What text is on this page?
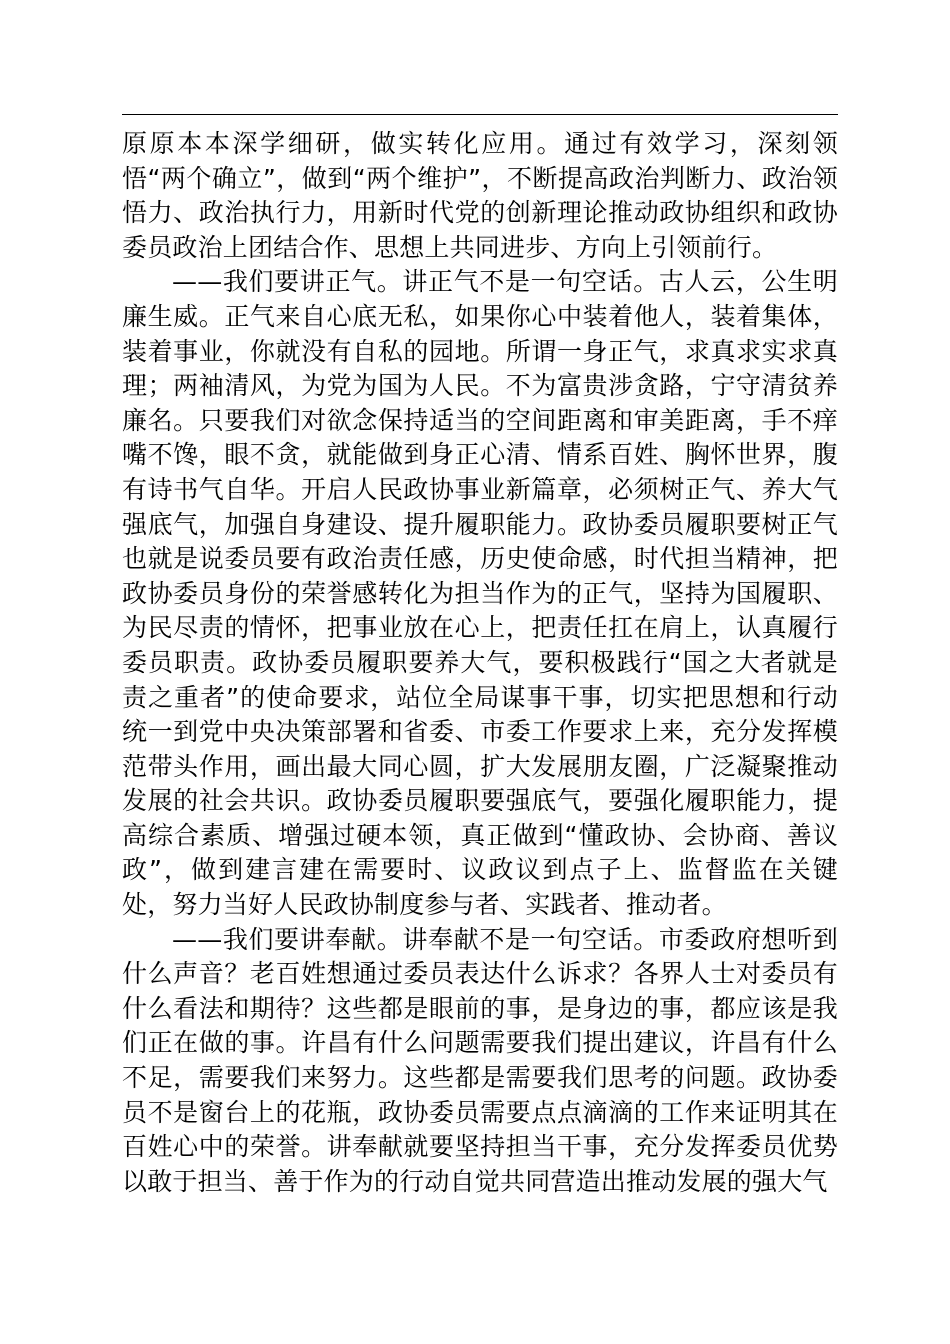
原原本本深学细研，做实转化应用。通过有效学习，深刻领悟“两个确立”，做到“两个维护”，不断提高政治判断力、政治领悟力、政治执行力，用新时代党的创新理论推动政协组织和政协委员政治上团结合作、思想上共同进步、方向上引领前行。

——我们要讲正气。讲正气不是一句空话。古人云，公生明廉生威。正气来自心底无私，如果你心中装着他人，装着集体，装着事业，你就没有自私的园地。所谓一身正气，求真求实求真理；两袖清风，为党为国为人民。不为富贵涉贪路，宁守清贫养廉名。只要我们对欲念保持适当的空间距离和审美距离，手不痒嘴不馋，眼不贪，就能做到身正心清、情系百姓、胸怀世界，腹有诗书气自华。开启人民政协事业新篇章，必须树正气、养大气强底气，加强自身建设、提升履职能力。政协委员履职要树正气也就是说委员要有政治责任感，历史使命感，时代担当精神，把政协委员身份的荣誉感转化为担当作为的正气，坚持为国履职、为民尽责的情怀，把事业放在心上，把责任扛在肩上，认真履行委员职责。政协委员履职要养大气，要积极践行“国之大者就是责之重者”的使命要求，站位全局谋事干事，切实把思想和行动统一到党中央决策部署和省委、市委工作要求上来，充分发挥模范带头作用，画出最大同心圆，扩大发展朋友圈，广泛凝聚推动发展的社会共识。政协委员履职要强底气，要强化履职能力，提高综合素质、增强过硬本领，真正做到“懂政协、会协商、善议政”，做到建言建在需要时、议政议到点子上、监督监在关键处，努力当好人民政协制度参与者、实践者、推动者。

——我们要讲奉献。讲奉献不是一句空话。市委政府想听到什么声音？老百姓想通过委员表达什么诉求？各界人士对委员有什么看法和期待？这些都是眼前的事，是身边的事，都应该是我们正在做的事。许昌有什么问题需要我们提出建议，许昌有什么不足，需要我们来努力。这些都是需要我们思考的问题。政协委员不是窗台上的花瓶，政协委员需要点点滴滴的工作来证明其在百姓心中的荣誉。讲奉献就要坚持担当干事，充分发挥委员优势以敢于担当、善于作为的行动自觉共同营造出推动发展的强大气
